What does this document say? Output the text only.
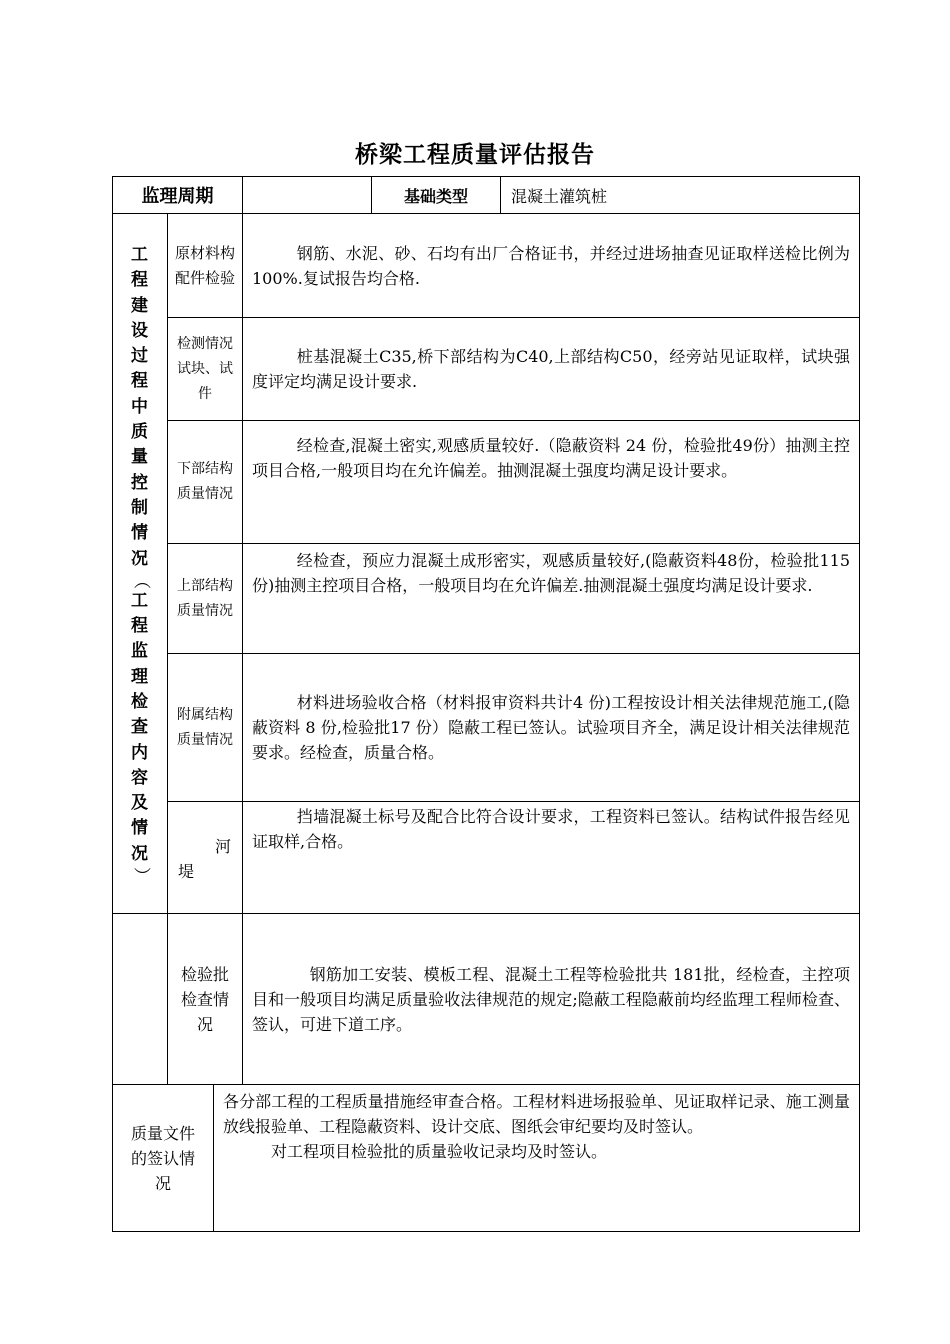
桥梁工程质量评估报告
监理周期	基础类型	混凝土灌筑桩
工
程
建
设
过
程
中
质
量
控
制
情
况
（
工
程
监
理
检
查
内
容
及
情
况
）
原材料构配件检验

钢筋、水泥、砂、石均有出厂合格证书，并经过进场抽查见证取样送检比例为100%.复试报告均合格.

检测情况试块、试件

桩基混凝土C35,桥下部结构为C40,上部结构C50，经旁站见证取样，试块强度评定均满足设计要求.

下部结构质量情况

经检查,混凝土密实,观感质量较好.（隐蔽资料 24 份，检验批49份）抽测主控项目合格,一般项目均在允许偏差。抽测混凝土强度均满足设计要求。

上部结构质量情况

经检查，预应力混凝土成形密实，观感质量较好,(隐蔽资料48份，检验批115 份)抽测主控项目合格，一般项目均在允许偏差.抽测混凝土强度均满足设计要求.

附属结构质量情况

材料进场验收合格（材料报审资料共计4 份)工程按设计相关法律规范施工,(隐蔽资料 8 份,检验批17 份）隐蔽工程已签认。试验项目齐全，满足设计相关法律规范要求。经检查，质量合格。

河堤

挡墙混凝土标号及配合比符合设计要求，工程资料已签认。结构试件报告经见证取样,合格。

检验批检查情况

钢筋加工安装、模板工程、混凝土工程等检验批共 181批，经检查，主控项目和一般项目均满足质量验收法律规范的规定;隐蔽工程隐蔽前均经监理工程师检查、签认，可进下道工序。

质量文件的签认情况

各分部工程的工程质量措施经审查合格。工程材料进场报验单、见证取样记录、施工测量放线报验单、工程隐蔽资料、设计交底、图纸会审纪要均及时签认。

对工程项目检验批的质量验收记录均及时签认。
